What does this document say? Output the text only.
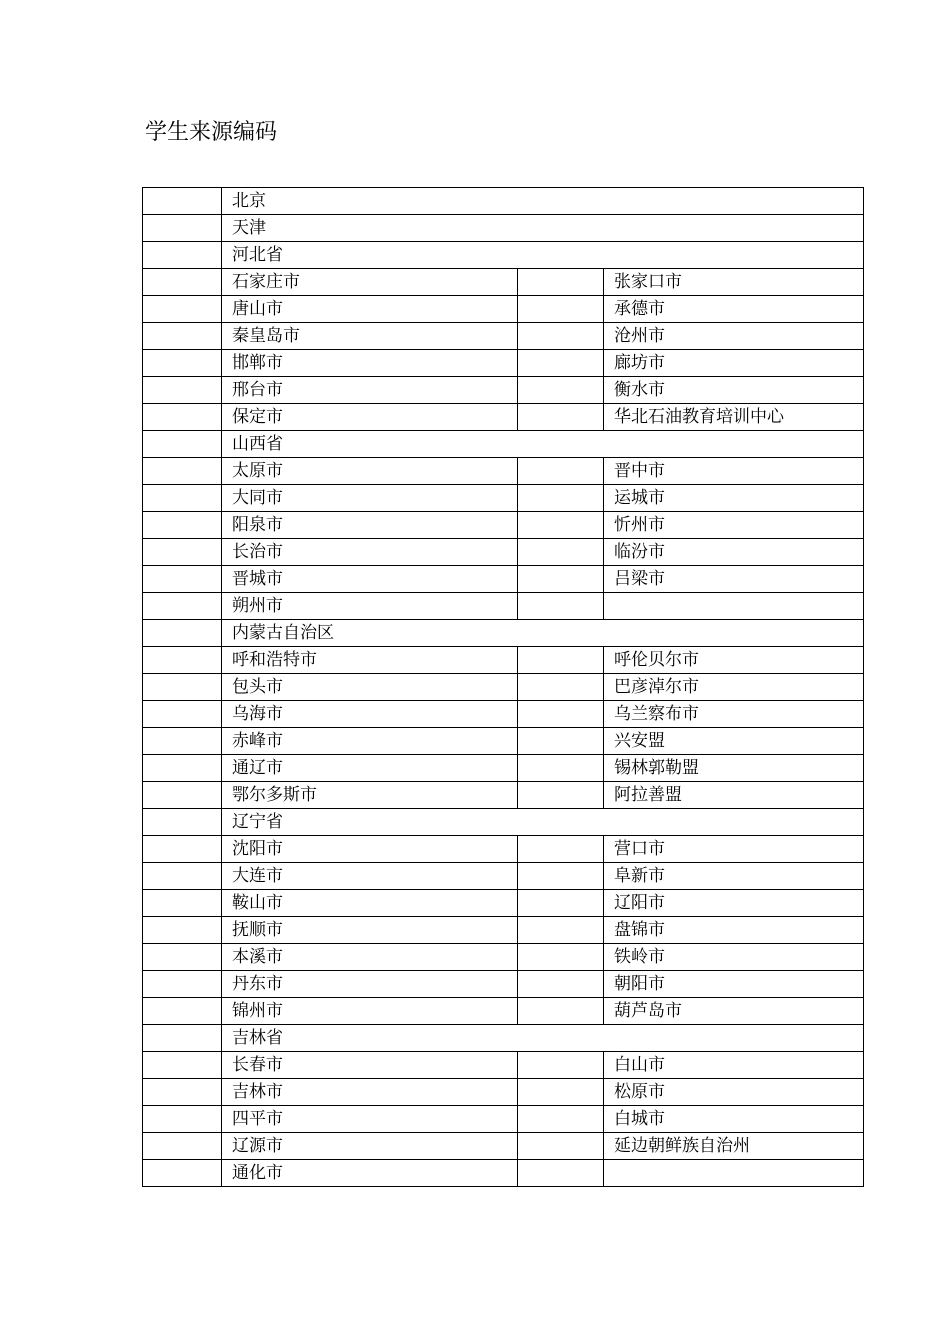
学生来源编码
	北京		
	天津		
	河北省		
	石家庄市		张家口市
	唐山市		承德市
	秦皇岛市		沧州市
	邯郸市		廊坊市
	邢台市		衡水市
	保定市		华北石油教育培训中心
	山西省		
	太原市		晋中市
	大同市		运城市
	阳泉市		忻州市
	长治市		临汾市
	晋城市		吕梁市
	朔州市		
	内蒙古自治区		
	呼和浩特市		呼伦贝尔市
	包头市		巴彦淖尔市
	乌海市		乌兰察布市
	赤峰市		兴安盟
	通辽市		锡林郭勒盟
	鄂尔多斯市		阿拉善盟
	辽宁省		
	沈阳市		营口市
	大连市		阜新市
	鞍山市		辽阳市
	抚顺市		盘锦市
	本溪市		铁岭市
	丹东市		朝阳市
	锦州市		葫芦岛市
	吉林省		
	长春市		白山市
	吉林市		松原市
	四平市		白城市
	辽源市		延边朝鲜族自治州
	通化市		
